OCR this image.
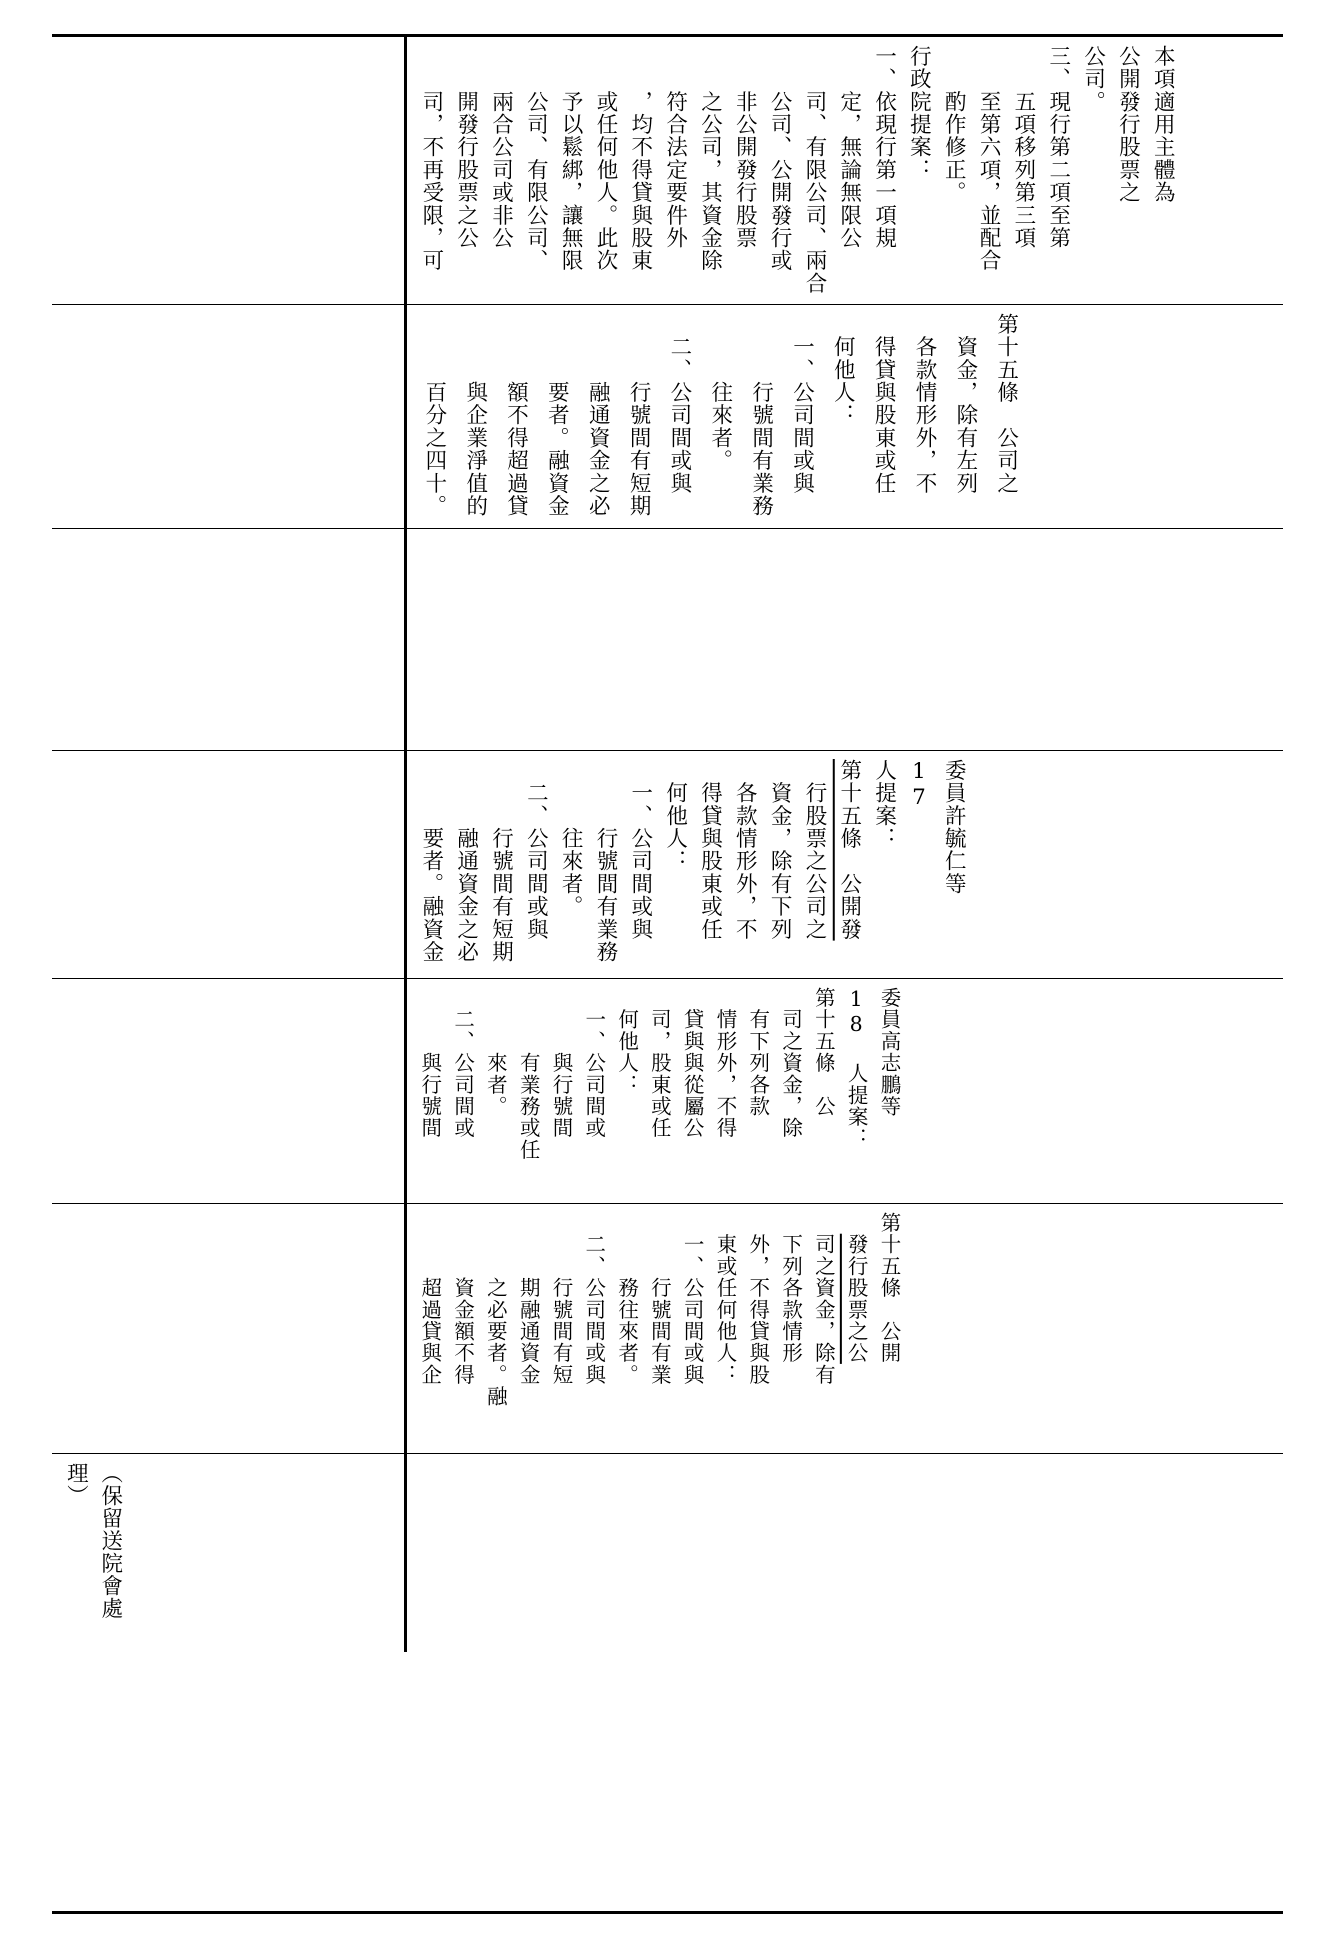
行政院提案：
一、依現行第一項規
　　定，無論無限公
　　司、有限公司、兩合
　　公司、公開發行或
　　非公開發行股票
　　之公司，其資金除
　　符合法定要件外
　　，均不得貸與股東
　　或任何他人。此次
　　予以鬆綁，讓無限
　　公司、有限公司、
　　兩合公司或非公
　　開發行股票之公
　　司，不再受限，可	本項適用主體為
公開發行股票之
公司。
三、現行第二項至第
　　五項移列第三項
　　至第六項，並配合
　　酌作修正。
第十五條　公司之
　資金，除有左列
　各款情形外，不
　得貸與股東或任
　何他人：
　一、公司間或與
　　　行號間有業務
　　　往來者。
　二、公司間或與
　　　行號間有短期
　　　融通資金之必
　　　要者。融資金
　　　額不得超過貸
　　　與企業淨值的
　　　百分之四十。
委員許毓仁等 17
人提案：
第十五條　公開發
　行股票之公司之
　資金，除有下列
　各款情形外，不
　得貸與股東或任
　何他人：
　一、公司間或與
　　　行號間有業務
　　　往來者。
　二、公司間或與
　　　行號間有短期
　　　融通資金之必
　　　要者。融資金
委員高志鵬等
18 人提案：
第十五條　公
　司之資金，除
　有下列各款
　情形外，不得
　貸與與從屬公
　司，股東或任
　何他人：
　一、公司間或
　　　與行號間
　　　有業務或任
　　　來者。
　二、公司間或
　　　與行號間
第十五條　公開
　發行股票之公
　司之資金，除有
　下列各款情形
　外，不得貸與股
　東或任何他人：
　一、公司間或與
　　　行號間有業
　　　務往來者。
　二、公司間或與
　　　行號間有短
　　　期融通資金
　　　之必要者。融
　　　資金額不得
　　　超過貸與企
（保留送院會處理）
